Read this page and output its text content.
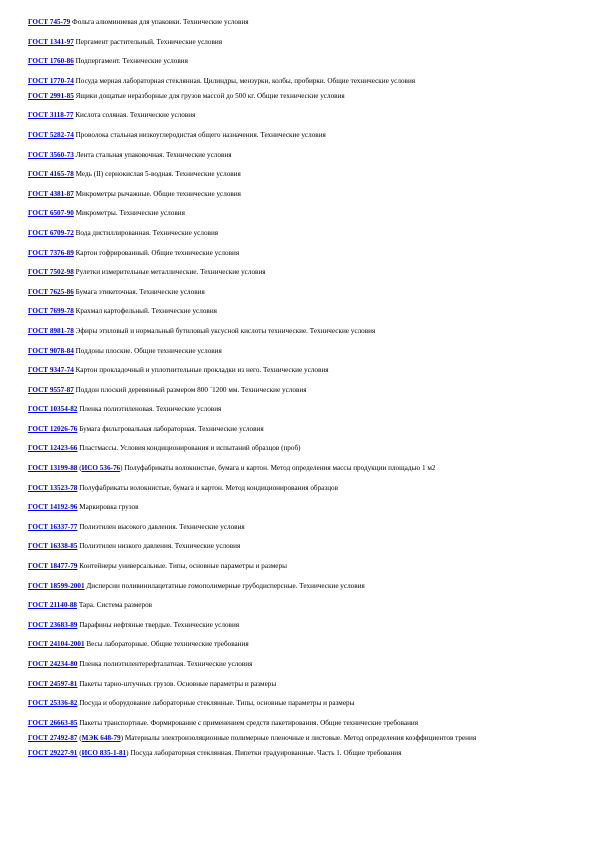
ГОСТ 745-79 Фольга алюминиевая для упаковки. Технические условия
ГОСТ 1341-97 Пергамент растительный. Технические условия
ГОСТ 1760-86 Подпергамент. Технические условия
ГОСТ 1770-74 Посуда мерная лабораторная стеклянная. Цилиндры, мензурки, колбы, пробирки. Общие технические условия
ГОСТ 2991-85 Ящики дощатые неразборные для грузов массой до 500 кг. Общие технические условия
ГОСТ 3118-77 Кислота соляная. Технические условия
ГОСТ 5282-74 Проволока стальная низкоуглеродистая общего назначения. Технические условия
ГОСТ 3560-73 Лента стальная упаковочная. Технические условия
ГОСТ 4165-78 Медь (II) сернокислая 5-водная. Технические условия
ГОСТ 4381-87 Микрометры рычажные. Общие технические условия
ГОСТ 6507-90 Микрометры. Технические условия
ГОСТ 6709-72 Вода дистиллированная. Технические условия
ГОСТ 7376-89 Картон гофрированный. Общие технические условия
ГОСТ 7502-98 Рулетки измерительные металлические. Технические условия
ГОСТ 7625-86 Бумага этикеточная. Технические условия
ГОСТ 7699-78 Крахмал картофельный. Технические условия
ГОСТ 8981-78 Эфиры этиловый и нормальный бутиловый уксусной кислоты технические. Технические условия
ГОСТ 9078-84 Поддоны плоские. Общие технические условия
ГОСТ 9347-74 Картон прокладочный и уплотнительные прокладки из него. Технические условия
ГОСТ 9557-87 Поддон плоский деревянный размером 800 ´1200 мм. Технические условия
ГОСТ 10354-82 Пленка полиэтиленовая. Технические условия
ГОСТ 12026-76 Бумага фильтровальная лабораторная. Технические условия
ГОСТ 12423-66 Пластмассы. Условия кондиционирования и испытаний образцов (проб)
ГОСТ 13199-88 (ИСО 536-76) Полуфабрикаты волокнистые, бумага и картон. Метод определения массы продукции площадью 1 м2
ГОСТ 13523-78 Полуфабрикаты волокнистые, бумага и картон. Метод кондиционирования образцов
ГОСТ 14192-96 Маркировка грузов
ГОСТ 16337-77 Полиэтилен высокого давления. Технические условия
ГОСТ 16338-85 Полиэтилен низкого давления. Технические условия
ГОСТ 18477-79 Контейнеры универсальные. Типы, основные параметры и размеры
ГОСТ 18599-2001 Дисперсии поливинилацетатные гомополимерные грубодисперсные. Технические условия
ГОСТ 21140-88 Тара. Система размеров
ГОСТ 23683-89 Парафины нефтяные твердые. Технические условия
ГОСТ 24104-2001 Весы лабораторные. Общие технические требования
ГОСТ 24234-80 Пленка полиэтилентерефталатная. Технические условия
ГОСТ 24597-81 Пакеты тарно-штучных грузов. Основные параметры и размеры
ГОСТ 25336-82 Посуда и оборудование лабораторные стеклянные. Типы, основные параметры и размеры
ГОСТ 26663-85 Пакеты транспортные. Формирование с применением средств пакетирования. Общие технические требования
ГОСТ 27492-87 (МЭК 648-79) Материалы электроизоляционные полимерные пленочные и листовые. Метод определения коэффициентов трения
ГОСТ 29227-91 (ИСО 835-1-81) Посуда лабораторная стеклянная. Пипетки градуированные. Часть 1. Общие требования
